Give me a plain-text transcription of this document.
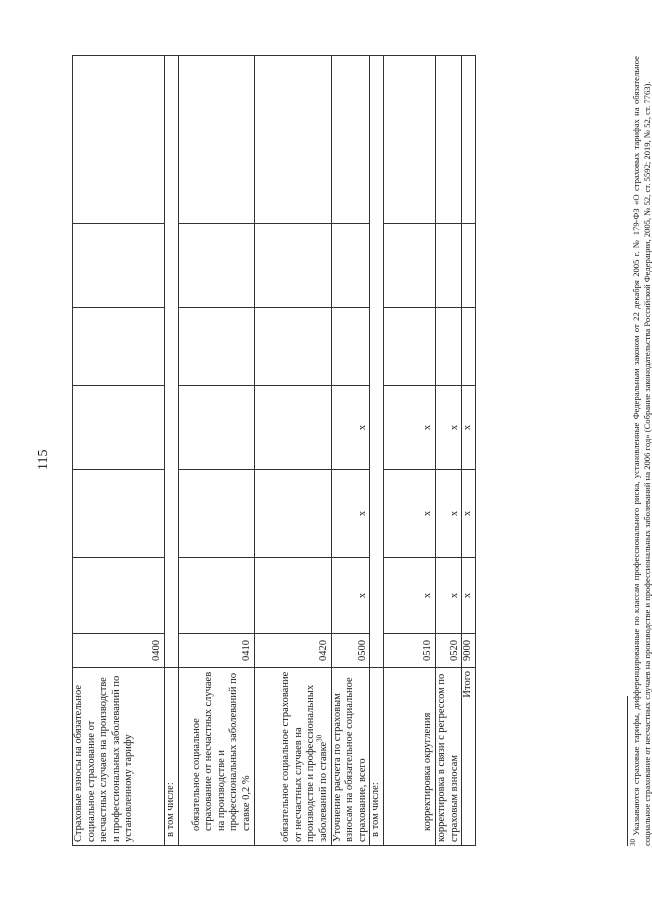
115
Страховые взносы на обязательное социальное страхование от несчастных случаев на производстве и профессиональных заболеваний по установленному тарифу	0400						
в том числе:							
обязательное социальное страхование от несчастных случаев на производстве и профессиональных заболеваний по ставке 0,2 %	0410						
обязательное социальное страхование от несчастных случаев на производстве и профессиональных заболеваний по ставке$^{30}$	0420						
Уточнение расчета по страховым взносам на обязательное социальное страхование, всего	0500	x	x	x			
в том числе:							
корректировка округления	0510	x	x	x			
корректировка в связи с регрессом по страховым взносам	0520	x	x	x			
Итого	9000	x	x	x			
$^{30}$ Указываются страховые тарифы, дифференцированные по классам профессионального риска, установленные Федеральным законом от 22 декабря 2005 г. № 179-ФЗ «О страховых тарифах на обязательное социальное страхование от несчастных случаев на производстве и профессиональных заболеваний на 2006 год» (Собрание законодательства Российской Федерации, 2005, № 52, ст. 5592; 2019, № 52, ст. 7763).
